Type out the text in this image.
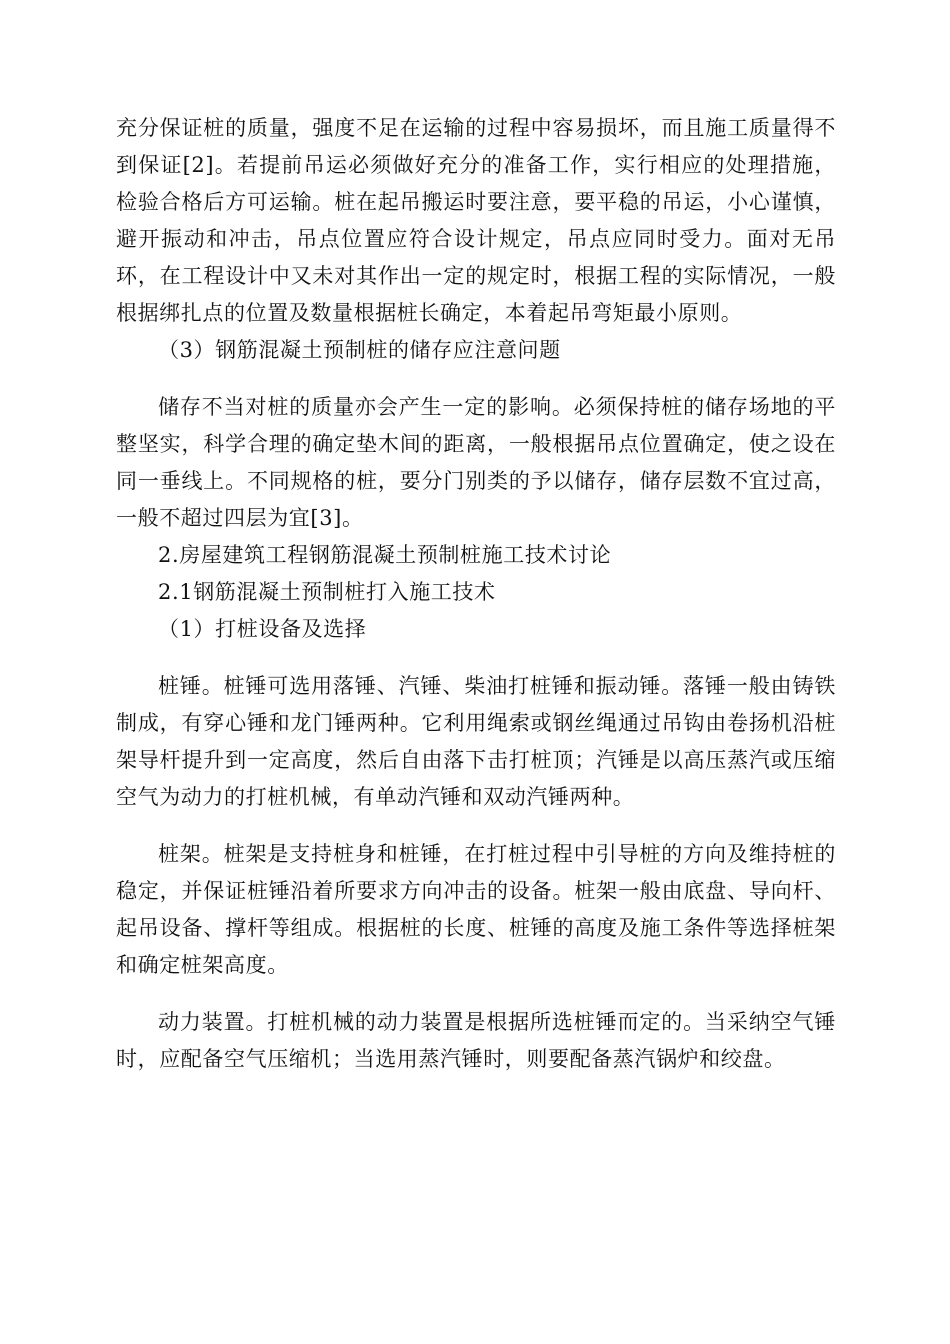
充分保证桩的质量，强度不足在运输的过程中容易损坏，而且施工质量得不到保证[2]。若提前吊运必须做好充分的准备工作，实行相应的处理措施，检验合格后方可运输。桩在起吊搬运时要注意，要平稳的吊运，小心谨慎，避开振动和冲击，吊点位置应符合设计规定，吊点应同时受力。面对无吊环，在工程设计中又未对其作出一定的规定时，根据工程的实际情况，一般根据绑扎点的位置及数量根据桩长确定，本着起吊弯矩最小原则。

（3）钢筋混凝土预制桩的储存应注意问题

储存不当对桩的质量亦会产生一定的影响。必须保持桩的储存场地的平整坚实，科学合理的确定垫木间的距离，一般根据吊点位置确定，使之设在同一垂线上。不同规格的桩，要分门别类的予以储存，储存层数不宜过高，一般不超过四层为宜[3]。

2.房屋建筑工程钢筋混凝土预制桩施工技术讨论

2.1钢筋混凝土预制桩打入施工技术

（1）打桩设备及选择

桩锤。桩锤可选用落锤、汽锤、柴油打桩锤和振动锤。落锤一般由铸铁制成，有穿心锤和龙门锤两种。它利用绳索或钢丝绳通过吊钩由卷扬机沿桩架导杆提升到一定高度，然后自由落下击打桩顶；汽锤是以高压蒸汽或压缩空气为动力的打桩机械，有单动汽锤和双动汽锤两种。

桩架。桩架是支持桩身和桩锤，在打桩过程中引导桩的方向及维持桩的稳定，并保证桩锤沿着所要求方向冲击的设备。桩架一般由底盘、导向杆、起吊设备、撑杆等组成。根据桩的长度、桩锤的高度及施工条件等选择桩架和确定桩架高度。

动力装置。打桩机械的动力装置是根据所选桩锤而定的。当采纳空气锤时，应配备空气压缩机；当选用蒸汽锤时，则要配备蒸汽锅炉和绞盘。
